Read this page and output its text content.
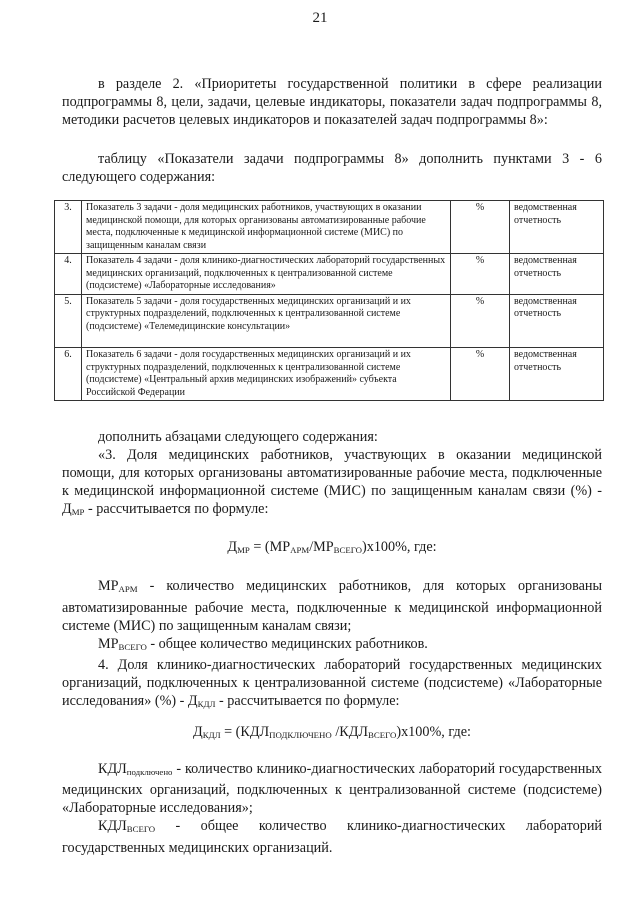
21

в разделе 2. «Приоритеты государственной политики в сфере реализации подпрограммы 8, цели, задачи, целевые индикаторы, показатели задач подпрограммы 8, методики расчетов целевых индикаторов и показателей задач подпрограммы 8»:

таблицу «Показатели задачи подпрограммы 8» дополнить пунктами 3 - 6 следующего содержания:

3.	Показатель 3 задачи - доля медицинских работников, участвующих в оказании медицинской помощи, для которых организованы автоматизированные рабочие места, подключенные к медицинской информационной системе (МИС) по защищенным каналам связи	%	ведомственная отчетность
4.	Показатель 4 задачи - доля клинико-диагностических лабораторий государственных медицинских организаций, подключенных к централизованной системе (подсистеме) «Лабораторные исследования»	%	ведомственная отчетность
5.	Показатель 5 задачи - доля государственных медицинских организаций и их структурных подразделений, подключенных к централизованной системе (подсистеме) «Телемедицинские консультации»	%	ведомственная отчетность
6.	Показатель 6 задачи - доля государственных медицинских организаций и их структурных подразделений, подключенных к централизованной системе (подсистеме) «Центральный архив медицинских изображений» субъекта Российской Федерации	%	ведомственная отчетность

дополнить абзацами следующего содержания:

«3. Доля медицинских работников, участвующих в оказании медицинской помощи, для которых организованы автоматизированные рабочие места, подключенные к медицинской информационной системе (МИС) по защищенным каналам связи (%) - $Д_{МР}$ - рассчитывается по формуле:

$Д_{МР} = (МР_{АРМ}/МР_{ВСЕГО})x100\%$, где:

$МР_{АРМ}$ - количество медицинских работников, для которых организованы автоматизированные рабочие места, подключенные к медицинской информационной системе (МИС) по защищенным каналам связи;

$МР_{ВСЕГО}$ - общее количество медицинских работников.

4. Доля клинико-диагностических лабораторий государственных медицинских организаций, подключенных к централизованной системе (подсистеме) «Лабораторные исследования» (%) - $Д_{КДЛ}$ - рассчитывается по формуле:

$Д_{КДЛ} = (КДЛ_{ПОДКЛЮЧЕНО}$ $/КДЛ_{ВСЕГО})x100\%$, где:

$КДЛ_{подключено}$ - количество клинико-диагностических лабораторий государственных медицинских организаций, подключенных к централизованной системе (подсистеме) «Лабораторные исследования»;

$КДЛ_{ВСЕГО}$ - общее количество клинико-диагностических лабораторий государственных медицинских организаций.
